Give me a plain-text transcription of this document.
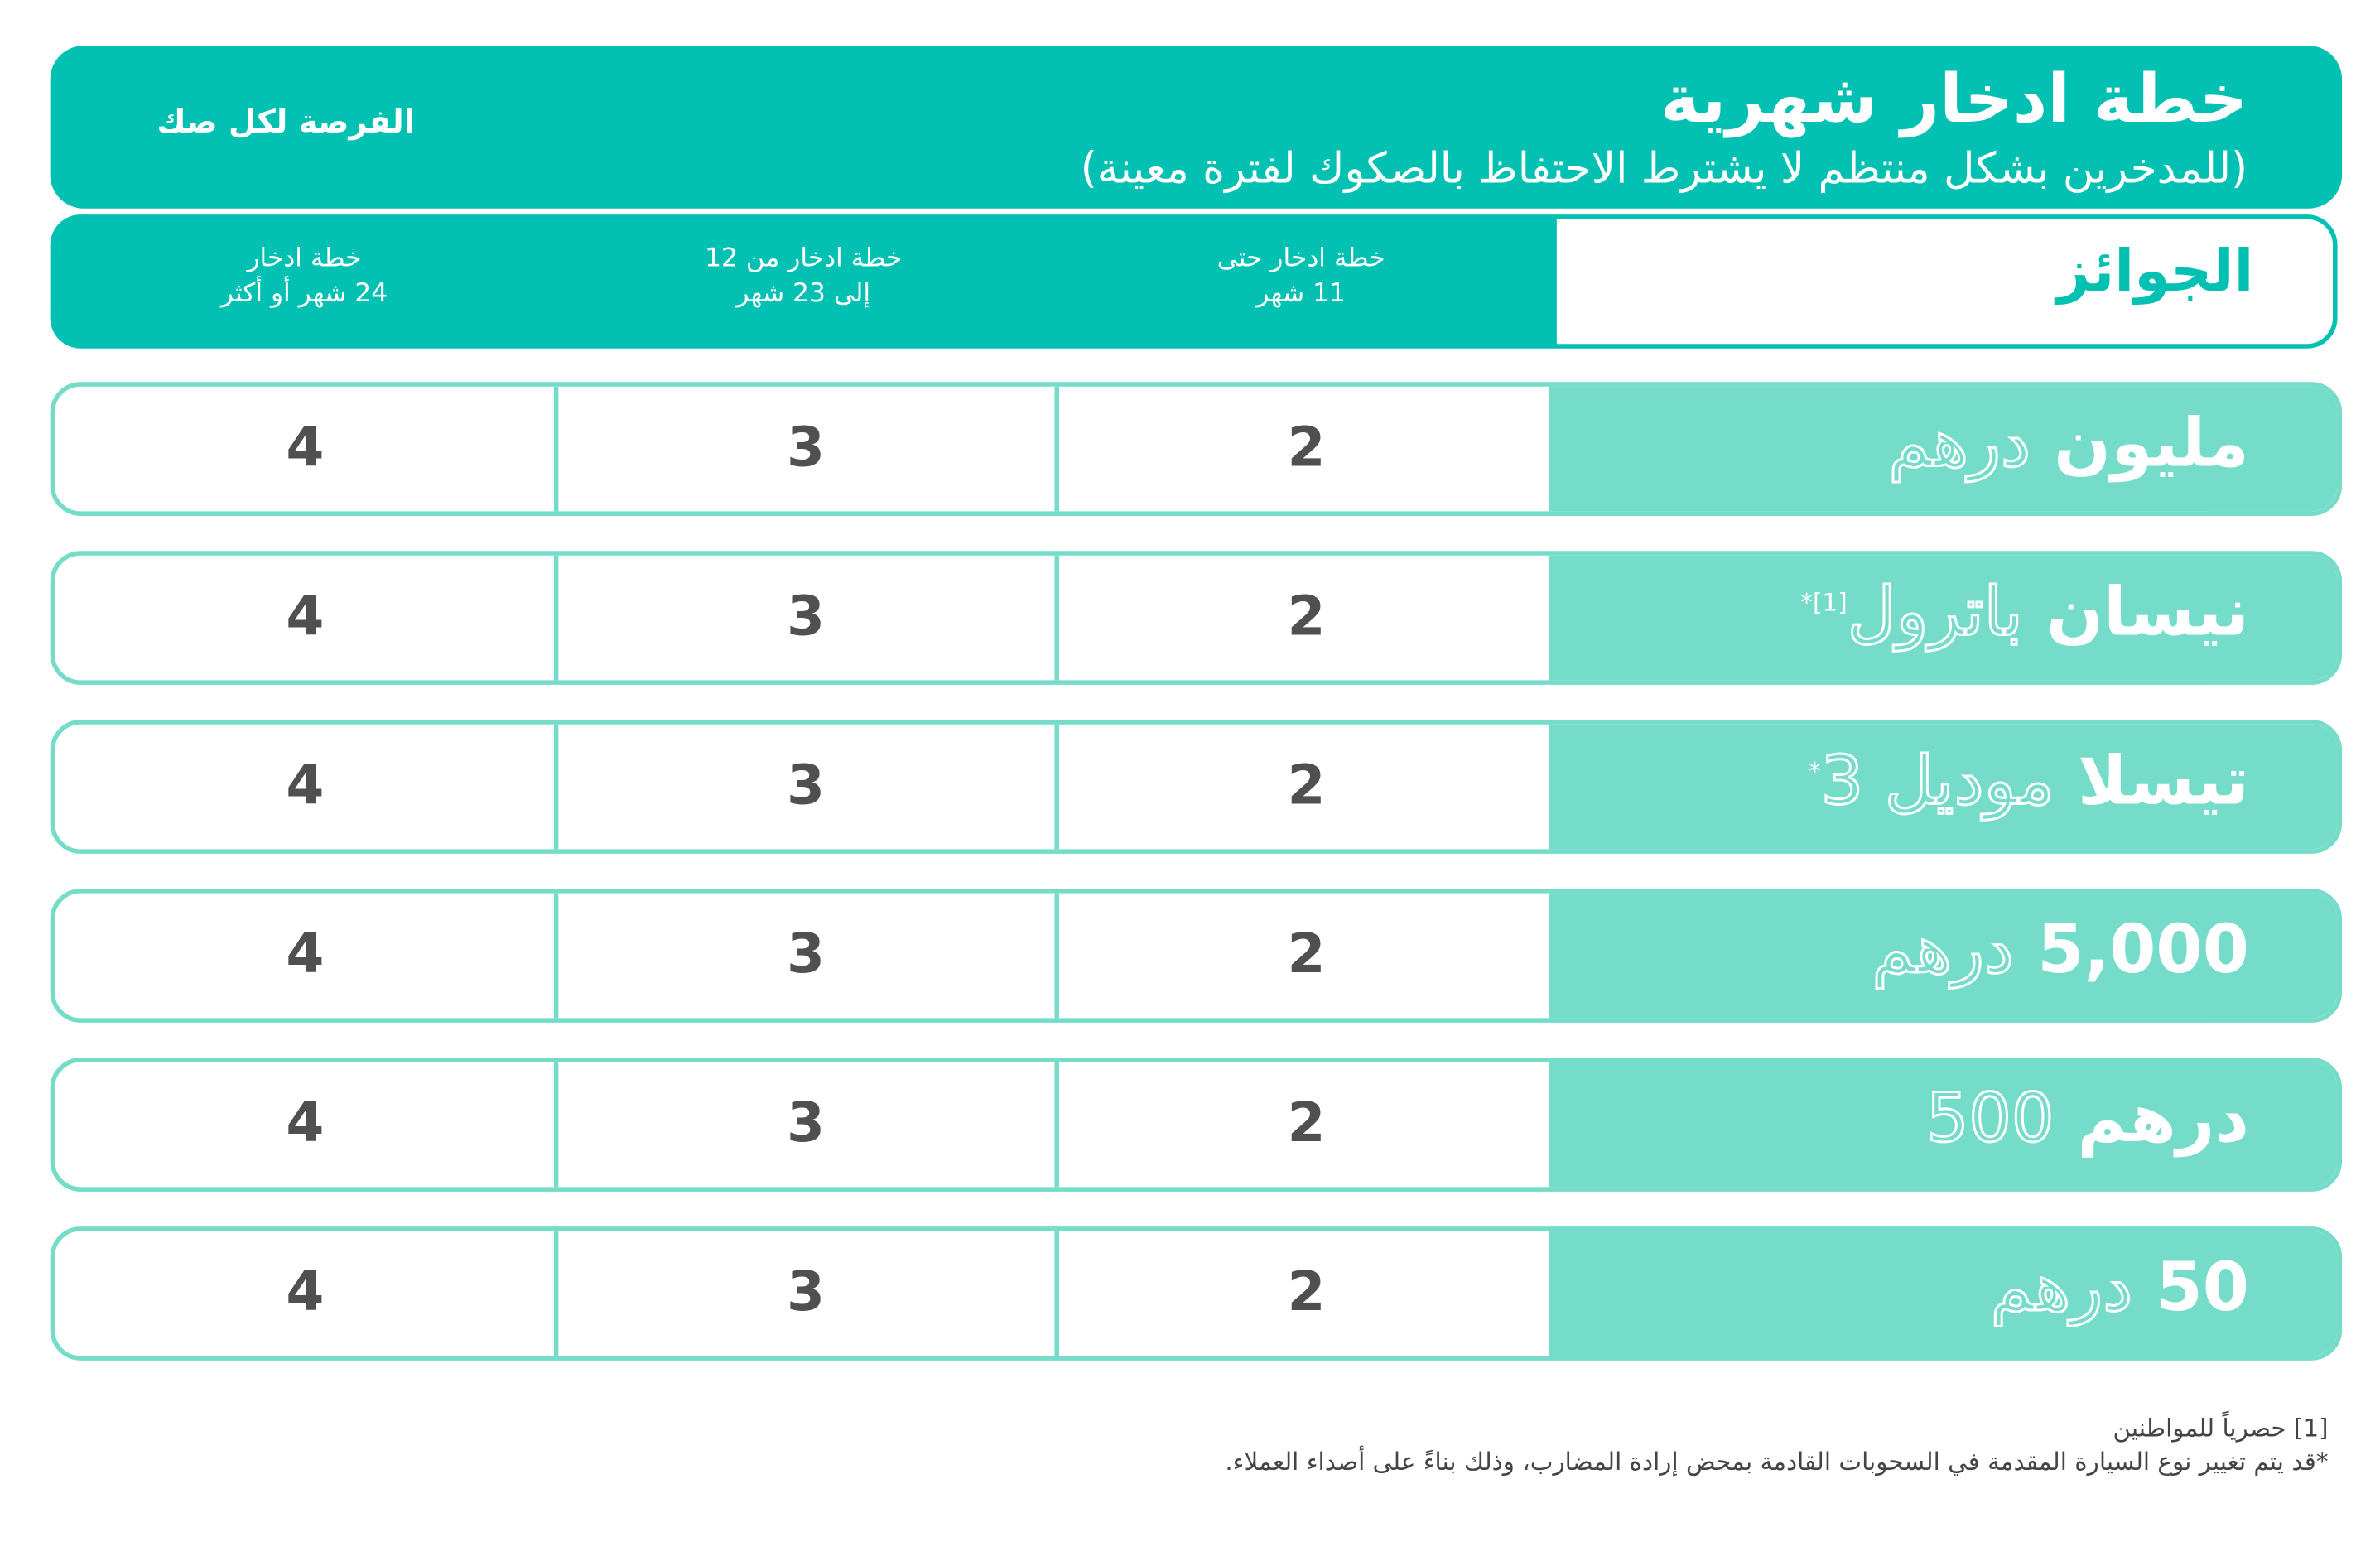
خطة ادخار شهرية
(للمدخرين بشكل منتظم لا يشترط الاحتفاظ بالصكوك لفترة معينة)
الفرصة لكل صك
الجوائز
خطة ادخار حتى
11 شهر
خطة ادخار من 12
إلى 23 شهر
خطة ادخار
24 شهر أو أكثر
مليون درهم
2
3
4
نيسان باترول$^{[1]*}$
2
3
4
تيسلا موديل 3*
2
3
4
5,000 درهم
2
3
4
درهم 500
2
3
4
50 درهم
2
3
4
[1] حصرياً للمواطنين
*قد يتم تغيير نوع السيارة المقدمة في السحوبات القادمة بمحض إرادة المضارب، وذلك بناءً على أصداء العملاء.
